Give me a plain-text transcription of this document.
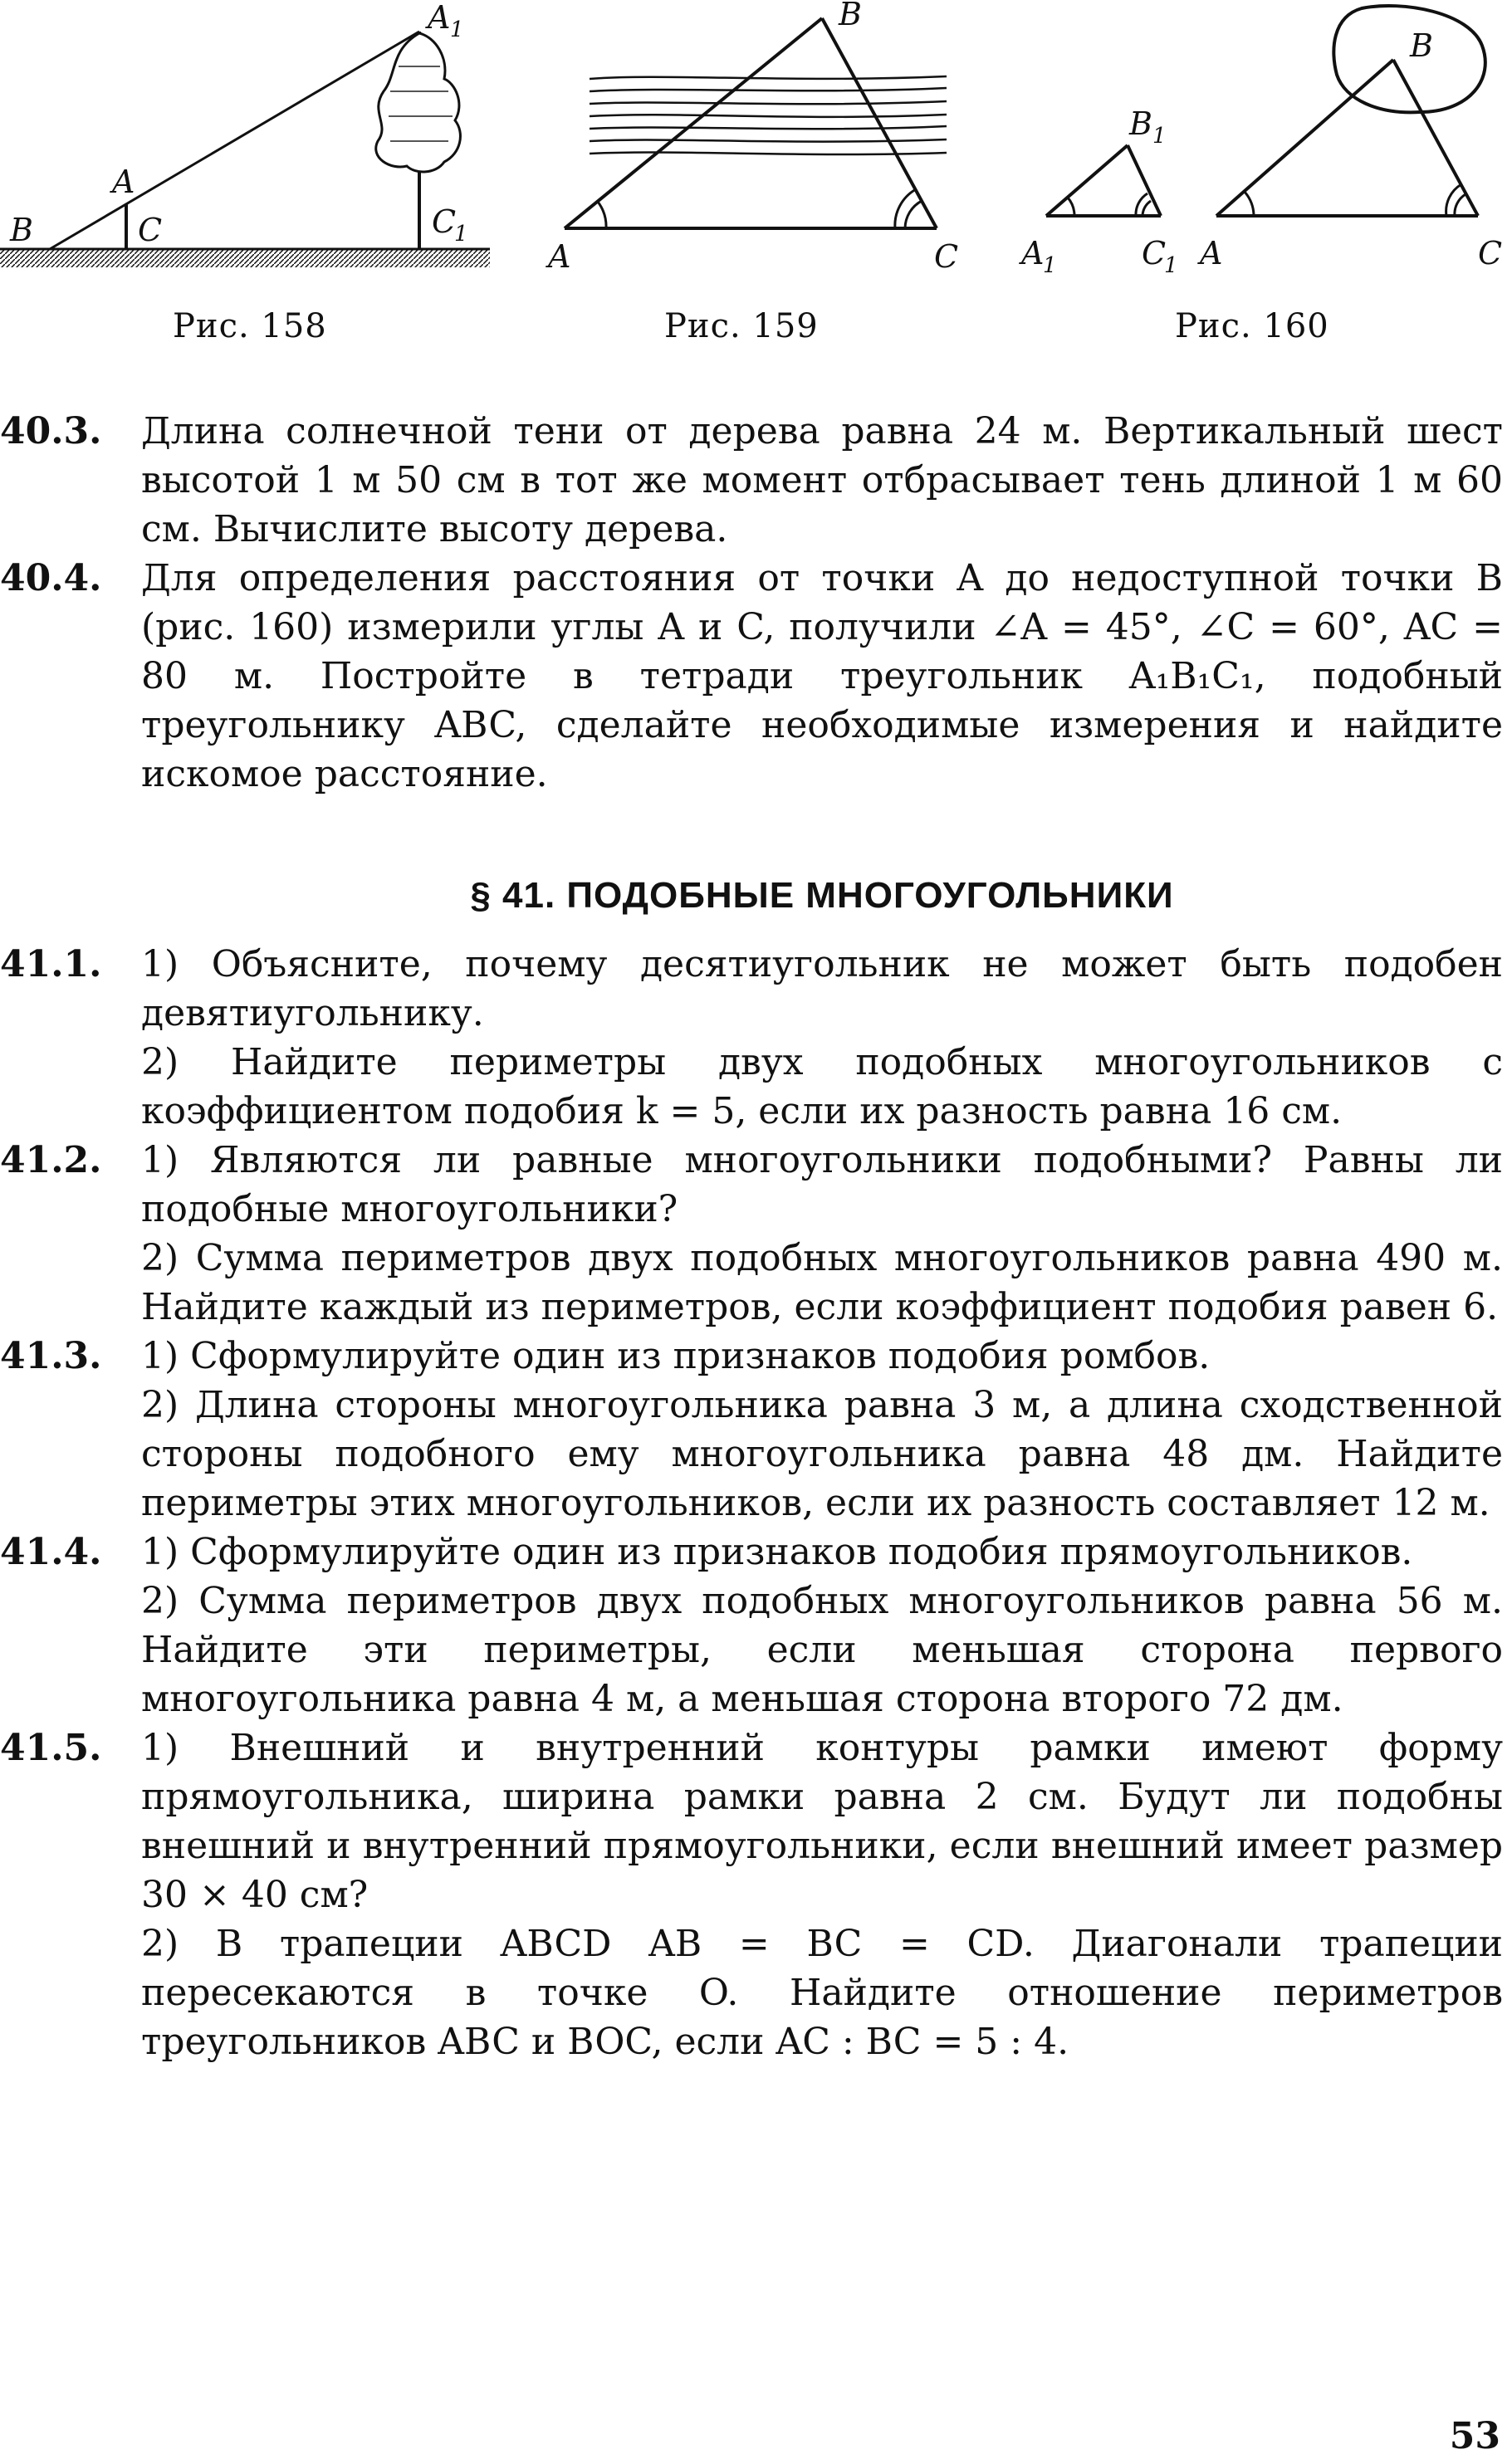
B
A
C
A 1
C
1
Рис. 158
A
B
C
Рис. 159
A
1
B 1
C
1 A
B
C
Рис. 160
40.3.	Длина солнечной тени от дерева равна 24 м. Вертикальный шест высотой 1 м 50 см в тот же момент отбрасывает тень длиной 1 м 60 см. Вычислите высоту дерева.

40.4.	Для определения расстояния от точки A до недоступной точки B (рис. 160) измерили углы A и C, получили ∠A = 45°, ∠C = 60°, AC = 80 м. Постройте в тетради треугольник A₁B₁C₁, подобный треугольнику ABC, сделайте необходимые измерения и найдите искомое расстояние.

§ 41. ПОДОБНЫЕ МНОГОУГОЛЬНИКИ
41.1.	1) Объясните, почему десятиугольник не может быть подобен девятиугольнику.

2) Найдите периметры двух подобных многоугольников с коэффициентом подобия k = 5, если их разность равна 16 см.

41.2.	1) Являются ли равные многоугольники подобными? Равны ли подобные многоугольники?

2) Сумма периметров двух подобных многоугольников равна 490 м. Найдите каждый из периметров, если коэффициент подобия равен 6.

41.3.	1) Сформулируйте один из признаков подобия ромбов.

2) Длина стороны многоугольника равна 3 м, а длина сходственной стороны подобного ему многоугольника равна 48 дм. Найдите периметры этих многоугольников, если их разность составляет 12 м.

41.4.	1) Сформулируйте один из признаков подобия прямоугольников.

2) Сумма периметров двух подобных многоугольников равна 56 м. Найдите эти периметры, если меньшая сторона первого многоугольника равна 4 м, а меньшая сторона второго 72 дм.

41.5.	1) Внешний и внутренний контуры рамки имеют форму прямоугольника, ширина рамки равна 2 см. Будут ли подобны внешний и внутренний прямоугольники, если внешний имеет размер 30 × 40 см?

2) В трапеции ABCD AB = BC = CD. Диагонали трапеции пересекаются в точке O. Найдите отношение периметров треугольников ABC и BOC, если AC : BC = 5 : 4.

53
